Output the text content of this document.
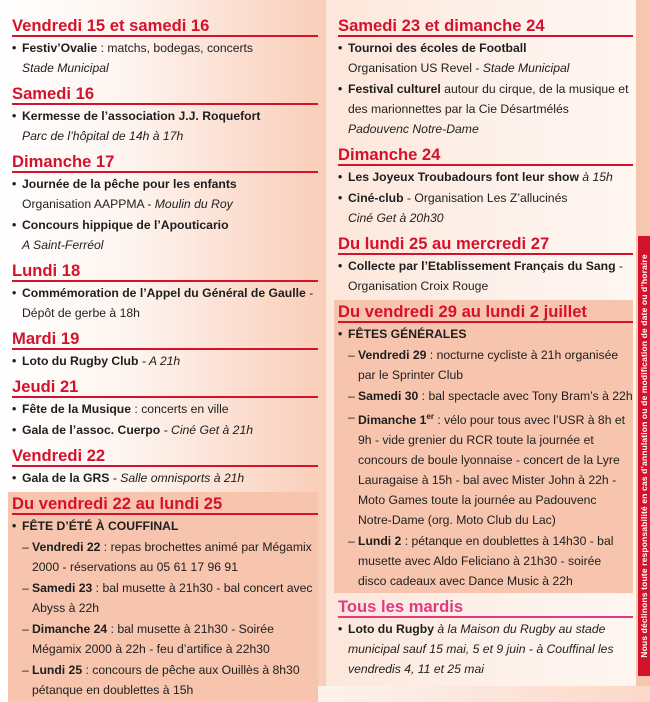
Vendredi 15 et samedi 16
• Festiv’Ovalie : matchs, bodegas, concerts
Stade Municipal
Samedi 16
• Kermesse de l’association J.J. Roquefort
Parc de l’hôpital de 14h à 17h
Dimanche 17
• Journée de la pêche pour les enfants
Organisation AAPPMA - Moulin du Roy
• Concours hippique de l’Apouticario
A Saint-Ferréol
Lundi 18
• Commémoration de l’Appel du Général de Gaulle - Dépôt de gerbe à 18h
Mardi 19
• Loto du Rugby Club - A 21h
Jeudi 21
• Fête de la Musique : concerts en ville
• Gala de l’assoc. Cuerpo - Ciné Get à 21h
Vendredi 22
• Gala de la GRS - Salle omnisports à 21h
Du vendredi 22 au lundi 25
• FÊTE D’ÉTÉ À COUFFINAL
– Vendredi 22 : repas brochettes animé par Mégamix 2000 - réservations au 05 61 17 96 91
– Samedi 23 : bal musette à 21h30 - bal concert avec Abyss à 22h
– Dimanche 24 : bal musette à 21h30 - Soirée Mégamix 2000 à 22h - feu d’artifice à 22h30
– Lundi 25 : concours de pêche aux Ouillès à 8h30 pétanque en doublettes à 15h
Samedi 23 et dimanche 24
• Tournoi des écoles de Football
Organisation US Revel - Stade Municipal
• Festival culturel autour du cirque, de la musique et des marionnettes par la Cie Désartmélés
Padouvenc Notre-Dame
Dimanche 24
• Les Joyeux Troubadours font leur show à 15h
• Ciné-club - Organisation Les Z’allucinés
Ciné Get à 20h30
Du lundi 25 au mercredi 27
• Collecte par l’Etablissement Français du Sang - Organisation Croix Rouge
Du vendredi 29 au lundi 2 juillet
• FÊTES GÉNÉRALES
– Vendredi 29 : nocturne cycliste à 21h organisée par le Sprinter Club
– Samedi 30 : bal spectacle avec Tony Bram’s à 22h
– Dimanche 1er : vélo pour tous avec l’USR à 8h et 9h - vide grenier du RCR toute la journée et concours de boule lyonnaise - concert de la Lyre Lauragaise à 15h - bal avec Mister John à 22h - Moto Games toute la journée au Padouvenc Notre-Dame (org. Moto Club du Lac)
– Lundi 2 : pétanque en doublettes à 14h30 - bal musette avec Aldo Feliciano à 21h30 - soirée disco cadeaux avec Dance Music à 22h
Tous les mardis
• Loto du Rugby à la Maison du Rugby au stade municipal sauf 15 mai, 5 et 9 juin - à Couffinal les vendredis 4, 11 et 25 mai
Nous déclinons toute responsabilité en cas d’annulation ou de modification de date ou d’horaire
